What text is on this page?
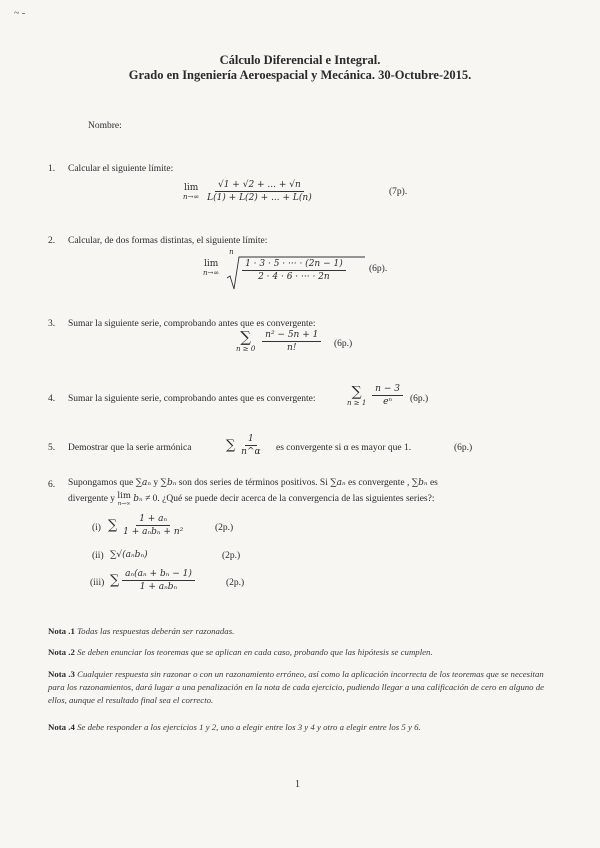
~ -
Cálculo Diferencial e Integral.
Grado en Ingeniería Aeroespacial y Mecánica. 30-Octubre-2015.
Nombre:
1. Calcular el siguiente límite:
lim
n→∞
$\frac{√1 + √2 + ... + √n}{L(1) + L(2) + ... + L(n)}$	(7p).
2. Calcular, de dos formas distintas, el siguiente límite:
lim
n→∞

n
$\frac{1 \cdot 3 \cdot 5 \cdot \cdot\cdot\cdot \cdot (2n - 1)}{2 \cdot 4 \cdot 6 \cdot \cdot\cdot\cdot \cdot 2n} (6p)$.
3. Sumar la siguiente serie, comprobando antes que es convergente:
∑
n ≥ 0
$\frac{\text{n² − 5n + 1}}{n!} (6p.)$
4. Sumar la siguiente serie, comprobando antes que es convergente:	∑
n ≥ 1
$\frac{n - 3}{\text{eⁿ}} (6p.)$
5. Demostrar que la serie armónica	∑ $\frac{1}{n\^{}\alpha}$ es convergente si α es mayor que 1.	(6p.)
6. Supongamos que ∑aₙ y ∑bₙ son dos series de términos positivos. Si ∑aₙ es convergente , ∑bₙ es
divergente y lim
n→∞ bₙ ≠ 0. ¿Qué se puede decir acerca de la convergencia de las siguientes series?:
(i) ∑ $\frac{\text{1 + aₙ}}{\text{1 + aₙbₙ + n²}}$	(2p.)
(ii) ∑√(aₙbₙ)	(2p.)
(iii) ∑ $\frac{\text{aₙ(aₙ + bₙ − 1)}}{\text{1 + aₙbₙ}}$	(2p.)
Nota .1 Todas las respuestas deberán ser razonadas.
Nota .2 Se deben enunciar los teoremas que se aplican en cada caso, probando que las hipótesis se cumplen.
Nota .3 Cualquier respuesta sin razonar o con un razonamiento erróneo, así como la aplicación incorrecta de los teoremas que se necesitan para los razonamientos, dará lugar a una penalización en la nota de cada ejercicio, pudiendo llegar a una calificación de cero en alguno de ellos, aunque el resultado final sea el correcto.
Nota .4 Se debe responder a los ejercicios 1 y 2, uno a elegir entre los 3 y 4 y otro a elegir entre los 5 y 6.
1
